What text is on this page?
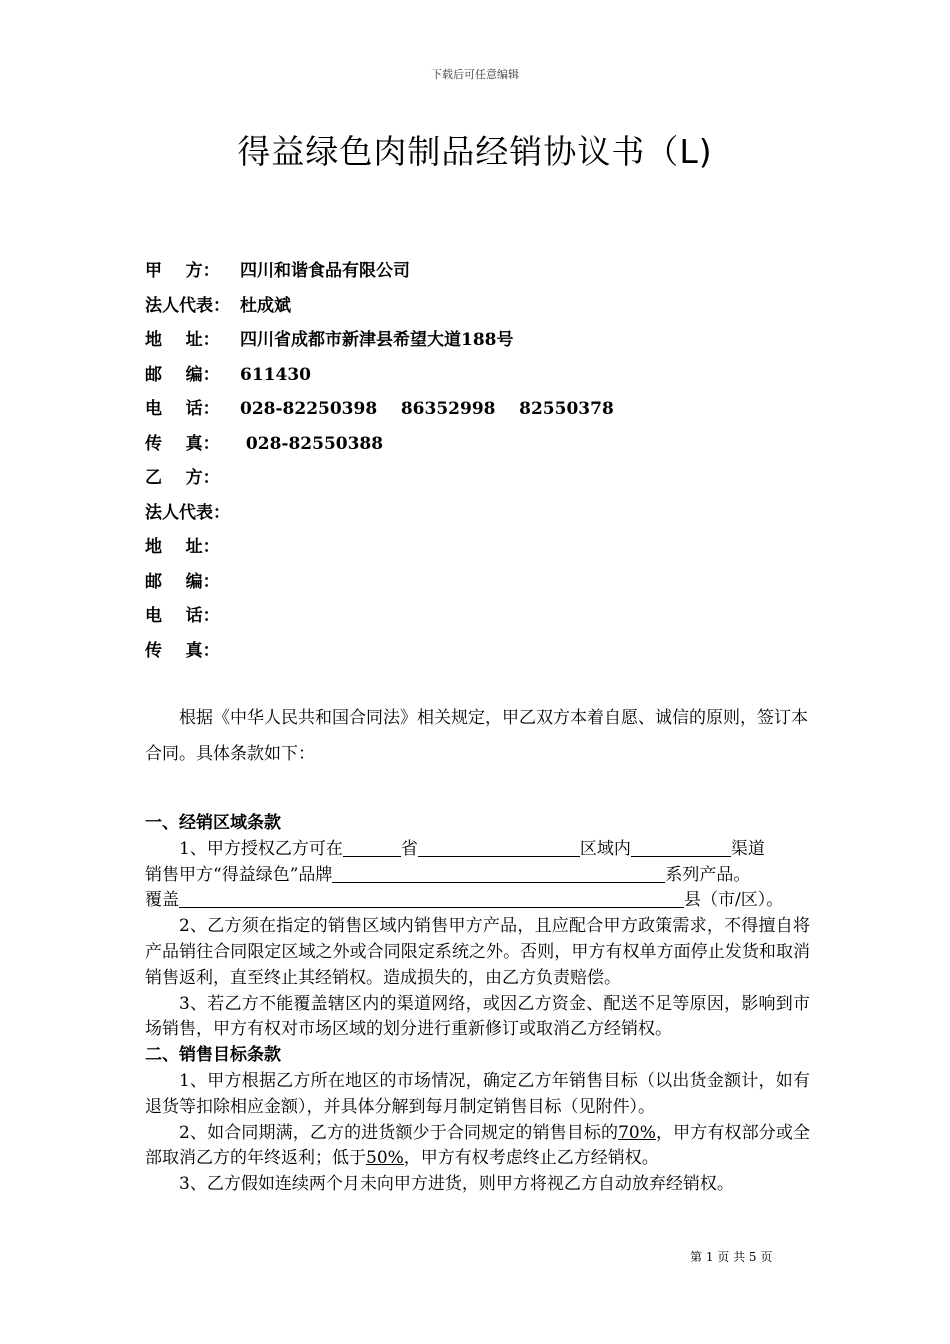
下载后可任意编辑
得益绿色肉制品经销协议书（L)
甲    方：	四川和谐食品有限公司
法人代表： 杜成斌
地    址：	四川省成都市新津县希望大道188号
邮    编：	611430
电    话：	028-82250398    86352998    82550378
传    真：	028-82550388
乙    方：
法人代表：
地    址：
邮    编：
电    话：
传    真：

根据《中华人民共和国合同法》相关规定，甲乙双方本着自愿、诚信的原则，签订本合同。具体条款如下：

一、经销区域条款

1、甲方授权乙方可在	省	区域内	渠道

销售甲方“得益绿色”品牌	系列产品。

覆盖	县（市/区）。

2、乙方须在指定的销售区域内销售甲方产品，且应配合甲方政策需求，不得擅自将产品销往合同限定区域之外或合同限定系统之外。否则，甲方有权单方面停止发货和取消销售返利，直至终止其经销权。造成损失的，由乙方负责赔偿。

3、若乙方不能覆盖辖区内的渠道网络，或因乙方资金、配送不足等原因，影响到市场销售，甲方有权对市场区域的划分进行重新修订或取消乙方经销权。

二、销售目标条款

1、甲方根据乙方所在地区的市场情况，确定乙方年销售目标（以出货金额计，如有退货等扣除相应金额），并具体分解到每月制定销售目标（见附件）。

2、如合同期满，乙方的进货额少于合同规定的销售目标的70%，甲方有权部分或全部取消乙方的年终返利；低于50%，甲方有权考虑终止乙方经销权。

3、乙方假如连续两个月未向甲方进货，则甲方将视乙方自动放弃经销权。

第 1 页 共 5 页
